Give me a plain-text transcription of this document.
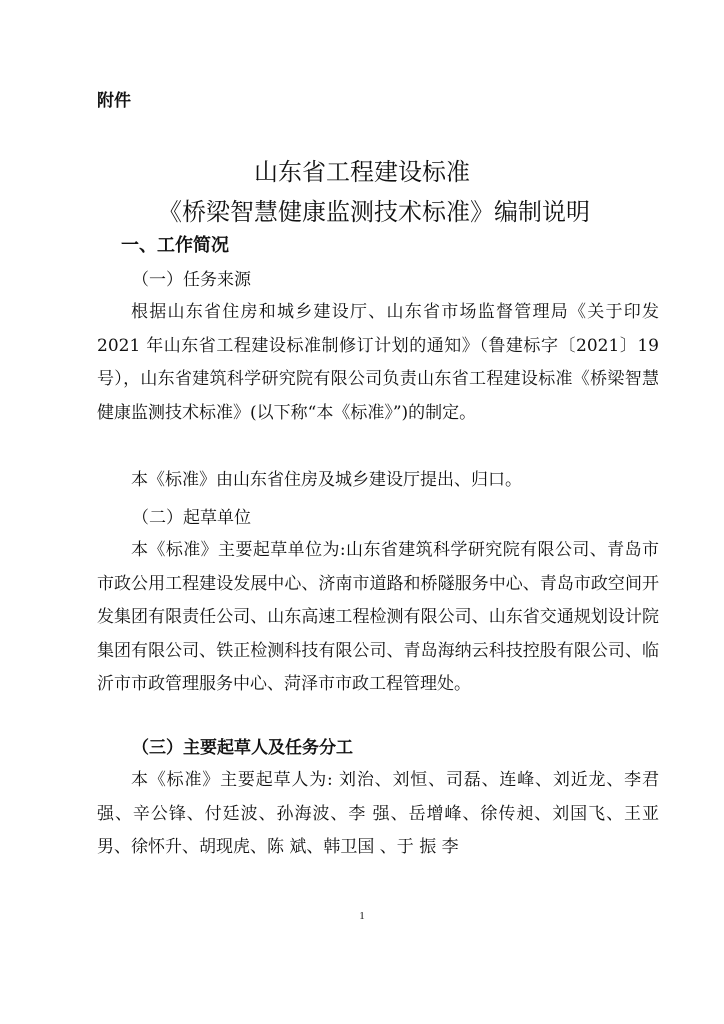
附件
山东省工程建设标准
《桥梁智慧健康监测技术标准》编制说明
一、工作简况
（一）任务来源
根据山东省住房和城乡建设厅、山东省市场监督管理局《关于印发 2021 年山东省工程建设标准制修订计划的通知》（鲁建标字〔2021〕19 号），山东省建筑科学研究院有限公司负责山东省工程建设标准《桥梁智慧健康监测技术标准》(以下称“本《标准》”)的制定。
本《标准》由山东省住房及城乡建设厅提出、归口。
（二）起草单位
本《标准》主要起草单位为:山东省建筑科学研究院有限公司、青岛市市政公用工程建设发展中心、济南市道路和桥隧服务中心、青岛市政空间开发集团有限责任公司、山东高速工程检测有限公司、山东省交通规划设计院集团有限公司、铁正检测科技有限公司、青岛海纳云科技控股有限公司、临沂市市政管理服务中心、菏泽市市政工程管理处。
（三）主要起草人及任务分工
本《标准》主要起草人为: 刘治、刘恒、司磊、连峰、刘近龙、李君强、辛公锋、付廷波、孙海波、李 强、岳增峰、徐传昶、刘国飞、王亚男、徐怀升、胡现虎、陈 斌、韩卫国 、于 振 李
1
